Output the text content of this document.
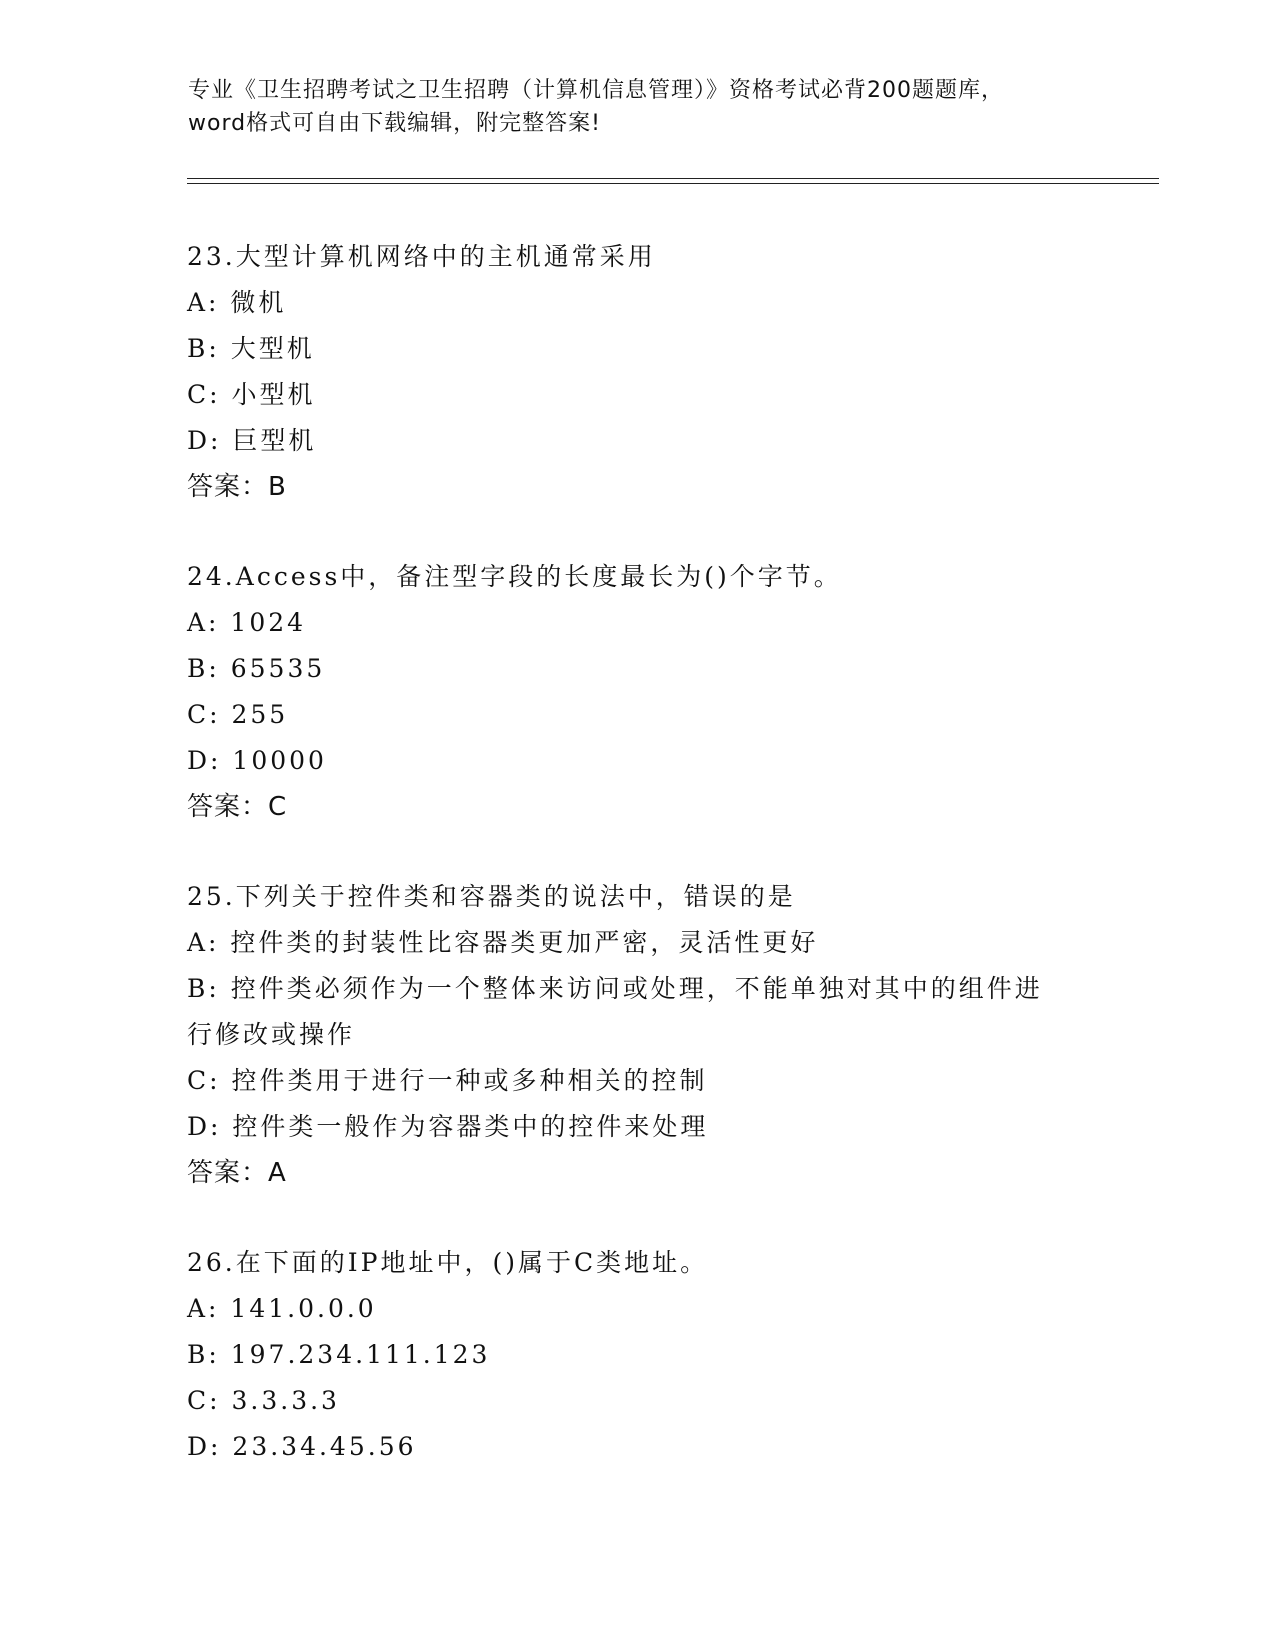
专业《卫生招聘考试之卫生招聘（计算机信息管理）》资格考试必背200题题库，
word格式可自由下载编辑，附完整答案!
23.大型计算机网络中的主机通常采用
A: 微机
B: 大型机
C: 小型机
D: 巨型机
答案：B
24.Access中，备注型字段的长度最长为()个字节。
A: 1024
B: 65535
C: 255
D: 10000
答案：C
25.下列关于控件类和容器类的说法中，错误的是
A: 控件类的封装性比容器类更加严密，灵活性更好
B: 控件类必须作为一个整体来访问或处理，不能单独对其中的组件进行修改或操作
C: 控件类用于进行一种或多种相关的控制
D: 控件类一般作为容器类中的控件来处理
答案：A
26.在下面的IP地址中，()属于C类地址。
A: 141.0.0.0
B: 197.234.111.123
C: 3.3.3.3
D: 23.34.45.56
